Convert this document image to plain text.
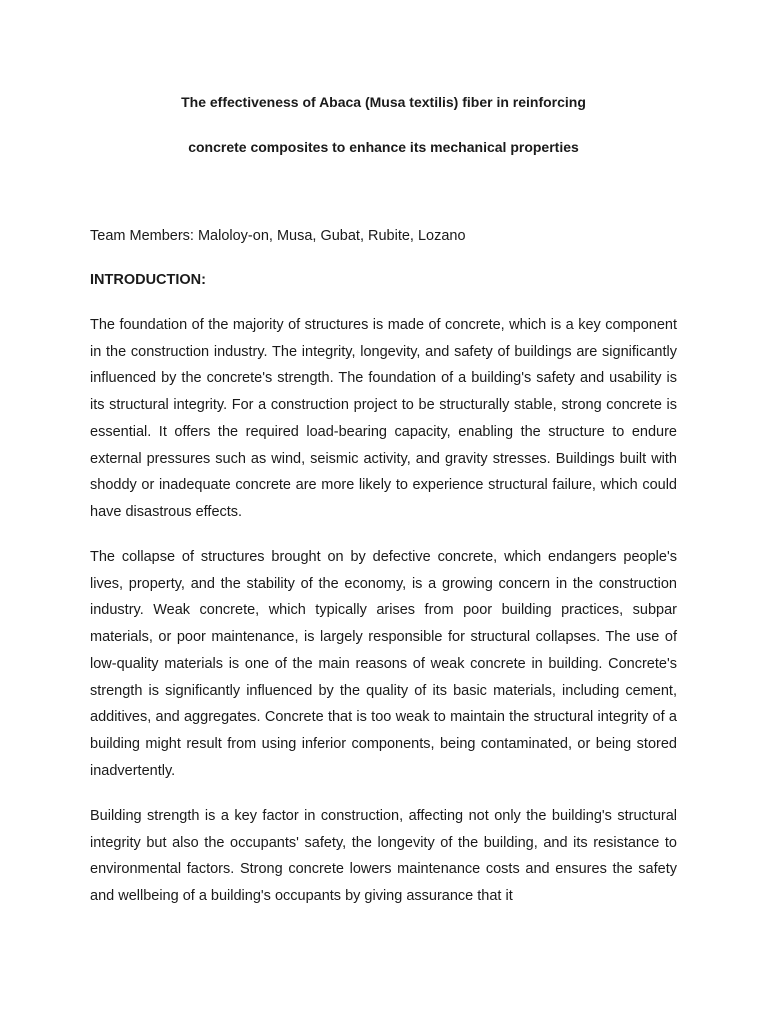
The effectiveness of Abaca (Musa textilis) fiber in reinforcing

concrete composites to enhance its mechanical properties

Team Members: Maloloy-on, Musa, Gubat, Rubite, Lozano

INTRODUCTION:

The foundation of the majority of structures is made of concrete, which is a key component in the construction industry. The integrity, longevity, and safety of buildings are significantly influenced by the concrete's strength. The foundation of a building's safety and usability is its structural integrity. For a construction project to be structurally stable, strong concrete is essential. It offers the required load-bearing capacity, enabling the structure to endure external pressures such as wind, seismic activity, and gravity stresses. Buildings built with shoddy or inadequate concrete are more likely to experience structural failure, which could have disastrous effects.

The collapse of structures brought on by defective concrete, which endangers people's lives, property, and the stability of the economy, is a growing concern in the construction industry. Weak concrete, which typically arises from poor building practices, subpar materials, or poor maintenance, is largely responsible for structural collapses. The use of low-quality materials is one of the main reasons of weak concrete in building. Concrete's strength is significantly influenced by the quality of its basic materials, including cement, additives, and aggregates. Concrete that is too weak to maintain the structural integrity of a building might result from using inferior components, being contaminated, or being stored inadvertently.

Building strength is a key factor in construction, affecting not only the building's structural integrity but also the occupants' safety, the longevity of the building, and its resistance to environmental factors. Strong concrete lowers maintenance costs and ensures the safety and wellbeing of a building's occupants by giving assurance that it
